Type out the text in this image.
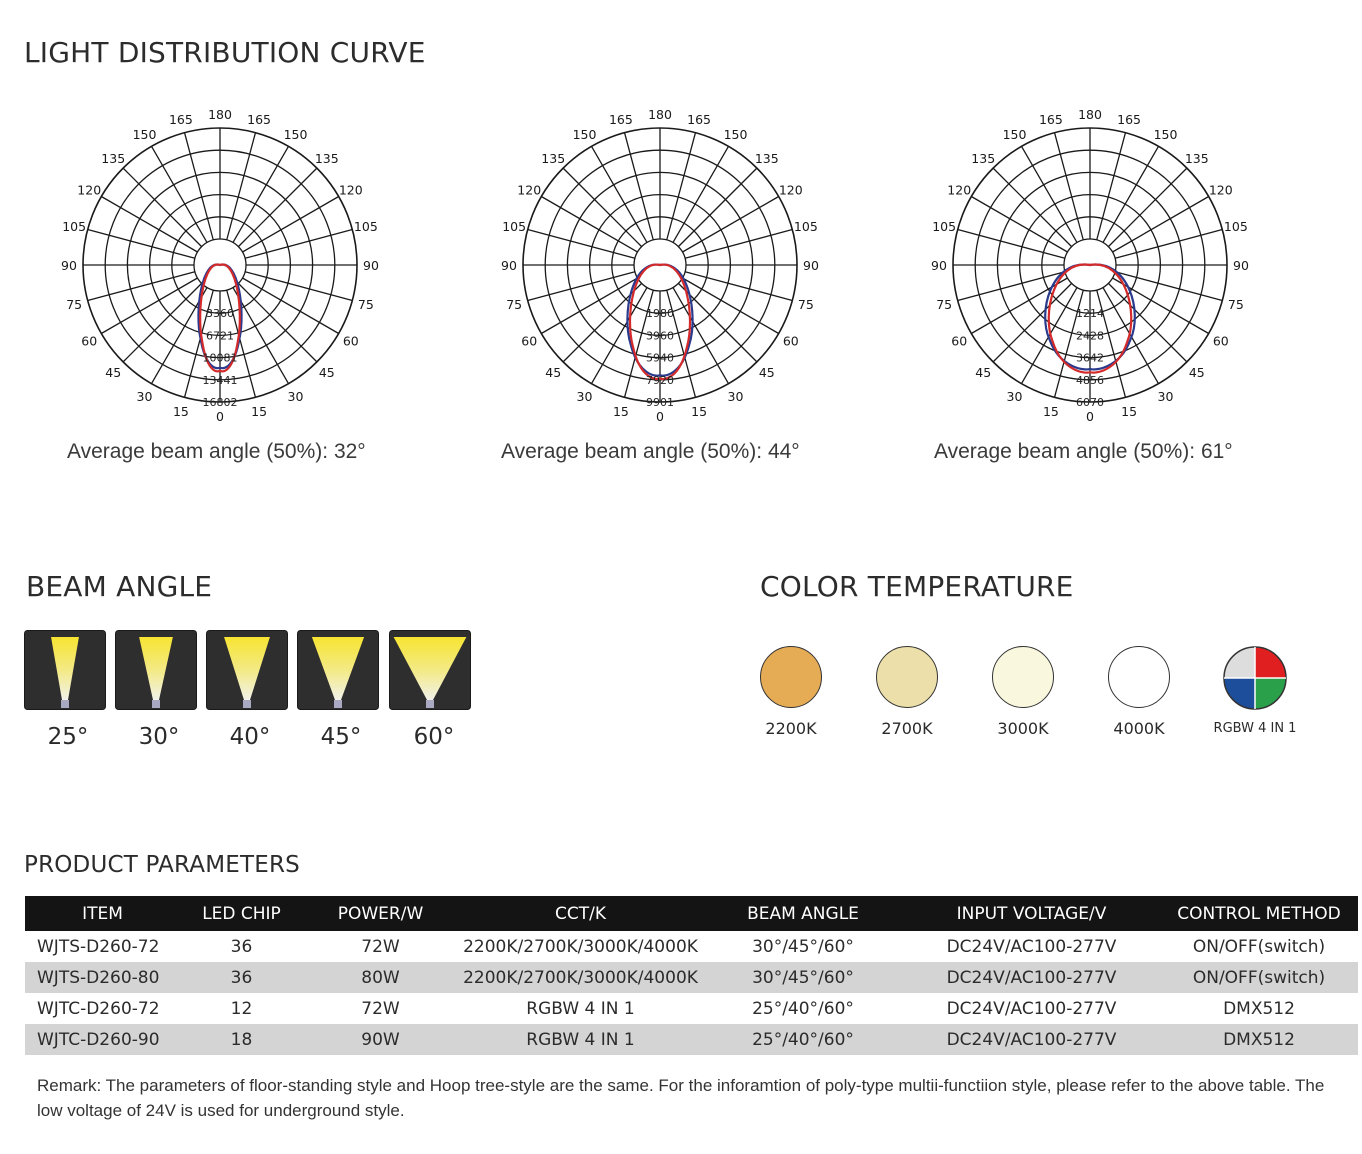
LIGHT DISTRIBUTION CURVE
0 15
15
30
30
45
45
60
60
75
75
90
90
105
105
120
120
135
135
150
150
165
165 180
3360
6721
10081
13441
16802
0 15
15
30
30
45
45
60
60
75
75
90
90
105
105
120
120
135
135
150
150
165
165 180
1980
3960
5940
7920
9901
0 15
15
30
30
45
45
60
60
75
75
90
90
105
105
120
120
135
135
150
150
165
165 180
1214
2428
3642
4856
6070
Average beam angle (50%): 32°	Average beam angle (50%): 44°	Average beam angle (50%): 61°
BEAM ANGLE
25°	30°	40°	45°	60°
COLOR TEMPERATURE
2200K	2700K	3000K	4000K	RGBW 4 IN 1
PRODUCT PARAMETERS
ITEM	LED CHIP	POWER/W	CCT/K	BEAM ANGLE	INPUT VOLTAGE/V	CONTROL METHOD
WJTS-D260-72	36	72W	2200K/2700K/3000K/4000K	30°/45°/60°	DC24V/AC100-277V	ON/OFF(switch)
WJTS-D260-80	36	80W	2200K/2700K/3000K/4000K	30°/45°/60°	DC24V/AC100-277V	ON/OFF(switch)
WJTC-D260-72	12	72W	RGBW 4 IN 1	25°/40°/60°	DC24V/AC100-277V	DMX512
WJTC-D260-90	18	90W	RGBW 4 IN 1	25°/40°/60°	DC24V/AC100-277V	DMX512

Remark: The parameters of floor-standing style and Hoop tree-style are the same. For the inforamtion of poly-type multii-functiion style, please refer to the above table. The low voltage of 24V is used for underground style.
